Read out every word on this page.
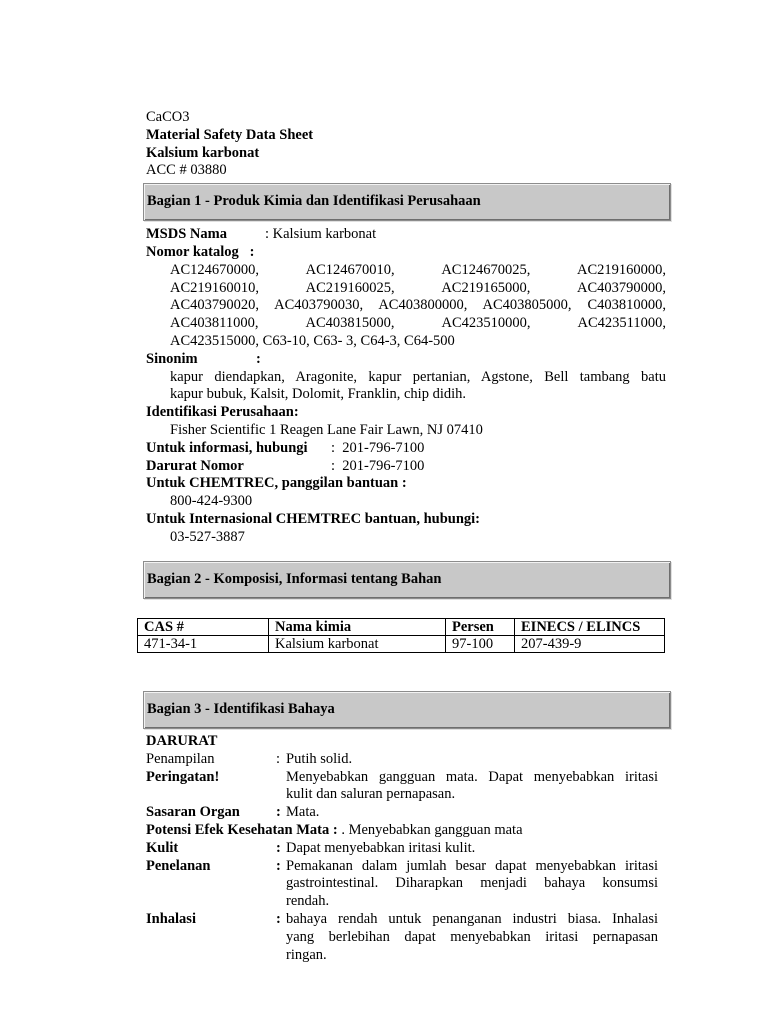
CaCO3
Material Safety Data Sheet
Kalsium karbonat
ACC # 03880
Bagian 1 - Produk Kimia dan Identifikasi Perusahaan
MSDS Nama	: Kalsium karbonat
Nomor katalog   :
AC124670000, AC124670010, AC124670025, AC219160000,
AC219160010, AC219160025, AC219165000, AC403790000,
AC403790020, AC403790030, AC403800000, AC403805000, C403810000,
AC403811000, AC403815000, AC423510000, AC423511000,
AC423515000, C63-10, C63- 3, C64-3, C64-500
Sinonim	:
kapur diendapkan, Aragonite, kapur pertanian, Agstone, Bell tambang batu
kapur bubuk, Kalsit, Dolomit, Franklin, chip didih.
Identifikasi Perusahaan:
Fisher Scientific 1 Reagen Lane Fair Lawn, NJ 07410
Untuk informasi, hubungi :  201-796-7100
Darurat Nomor	:  201-796-7100
Untuk CHEMTREC, panggilan bantuan :
800-424-9300
Untuk Internasional CHEMTREC bantuan, hubungi:
03-527-3887
Bagian 2 - Komposisi, Informasi tentang Bahan
CAS #	Nama kimia	Persen	EINECS / ELINCS
471-34-1	Kalsium karbonat	97-100	207-439-9
Bagian 3 - Identifikasi Bahaya
DARURAT
Penampilan	: Putih solid.
Peringatan!	Menyebabkan gangguan mata. Dapat menyebabkan iritasi
kulit dan saluran pernapasan.
Sasaran Organ	: Mata.
Potensi Efek Kesehatan Mata : . Menyebabkan gangguan mata
Kulit	: Dapat menyebabkan iritasi kulit.
Penelanan	: Pemakanan dalam jumlah besar dapat menyebabkan iritasi
gastrointestinal. Diharapkan menjadi bahaya konsumsi
rendah.
Inhalasi	: bahaya rendah untuk penanganan industri biasa. Inhalasi
yang berlebihan dapat menyebabkan iritasi pernapasan
ringan.
